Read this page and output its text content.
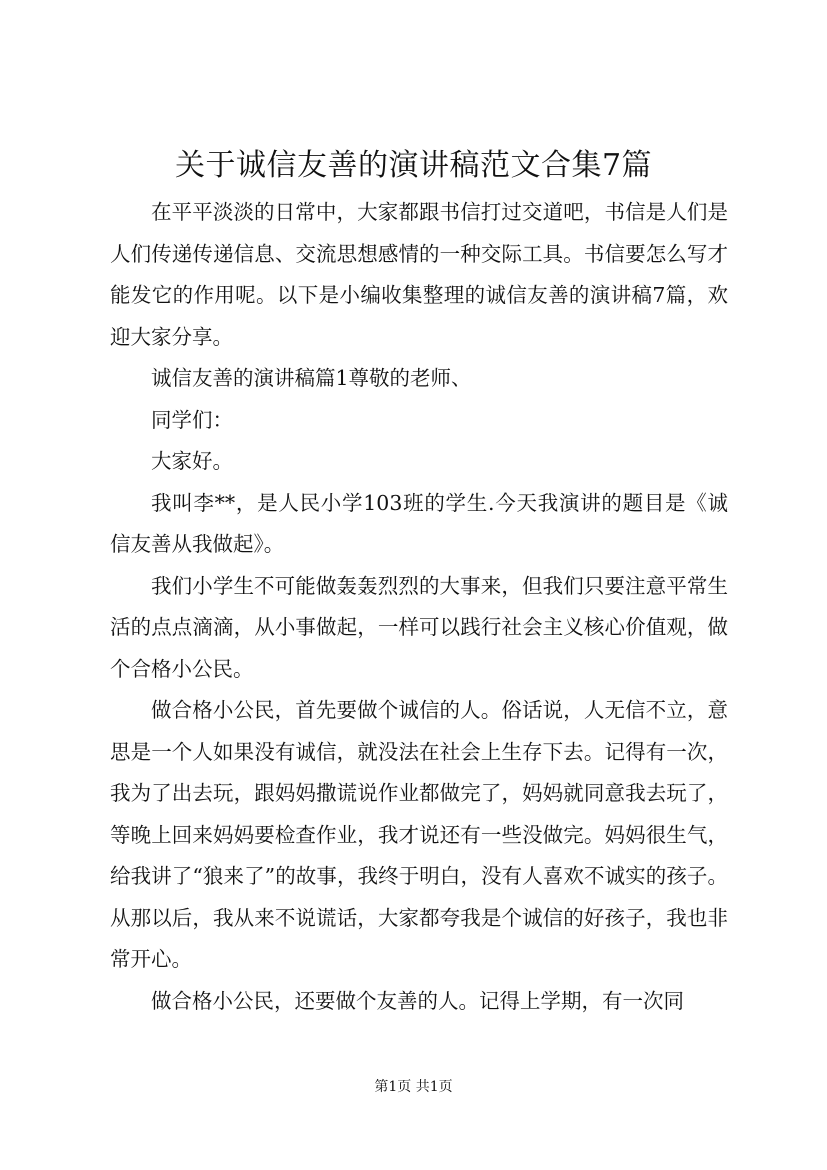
关于诚信友善的演讲稿范文合集7篇

在平平淡淡的日常中，大家都跟书信打过交道吧，书信是人们是人们传递传递信息、交流思想感情的一种交际工具。书信要怎么写才能发它的作用呢。以下是小编收集整理的诚信友善的演讲稿7篇，欢迎大家分享。

诚信友善的演讲稿篇1尊敬的老师、

同学们：

大家好。

我叫李**，是人民小学103班的学生.今天我演讲的题目是《诚信友善从我做起》。

我们小学生不可能做轰轰烈烈的大事来，但我们只要注意平常生活的点点滴滴，从小事做起，一样可以践行社会主义核心价值观，做个合格小公民。

做合格小公民，首先要做个诚信的人。俗话说，人无信不立，意思是一个人如果没有诚信，就没法在社会上生存下去。记得有一次，我为了出去玩，跟妈妈撒谎说作业都做完了，妈妈就同意我去玩了，等晚上回来妈妈要检查作业，我才说还有一些没做完。妈妈很生气，给我讲了“狼来了”的故事，我终于明白，没有人喜欢不诚实的孩子。从那以后，我从来不说谎话，大家都夸我是个诚信的好孩子，我也非常开心。

做合格小公民，还要做个友善的人。记得上学期，有一次同

第1页 共1页
